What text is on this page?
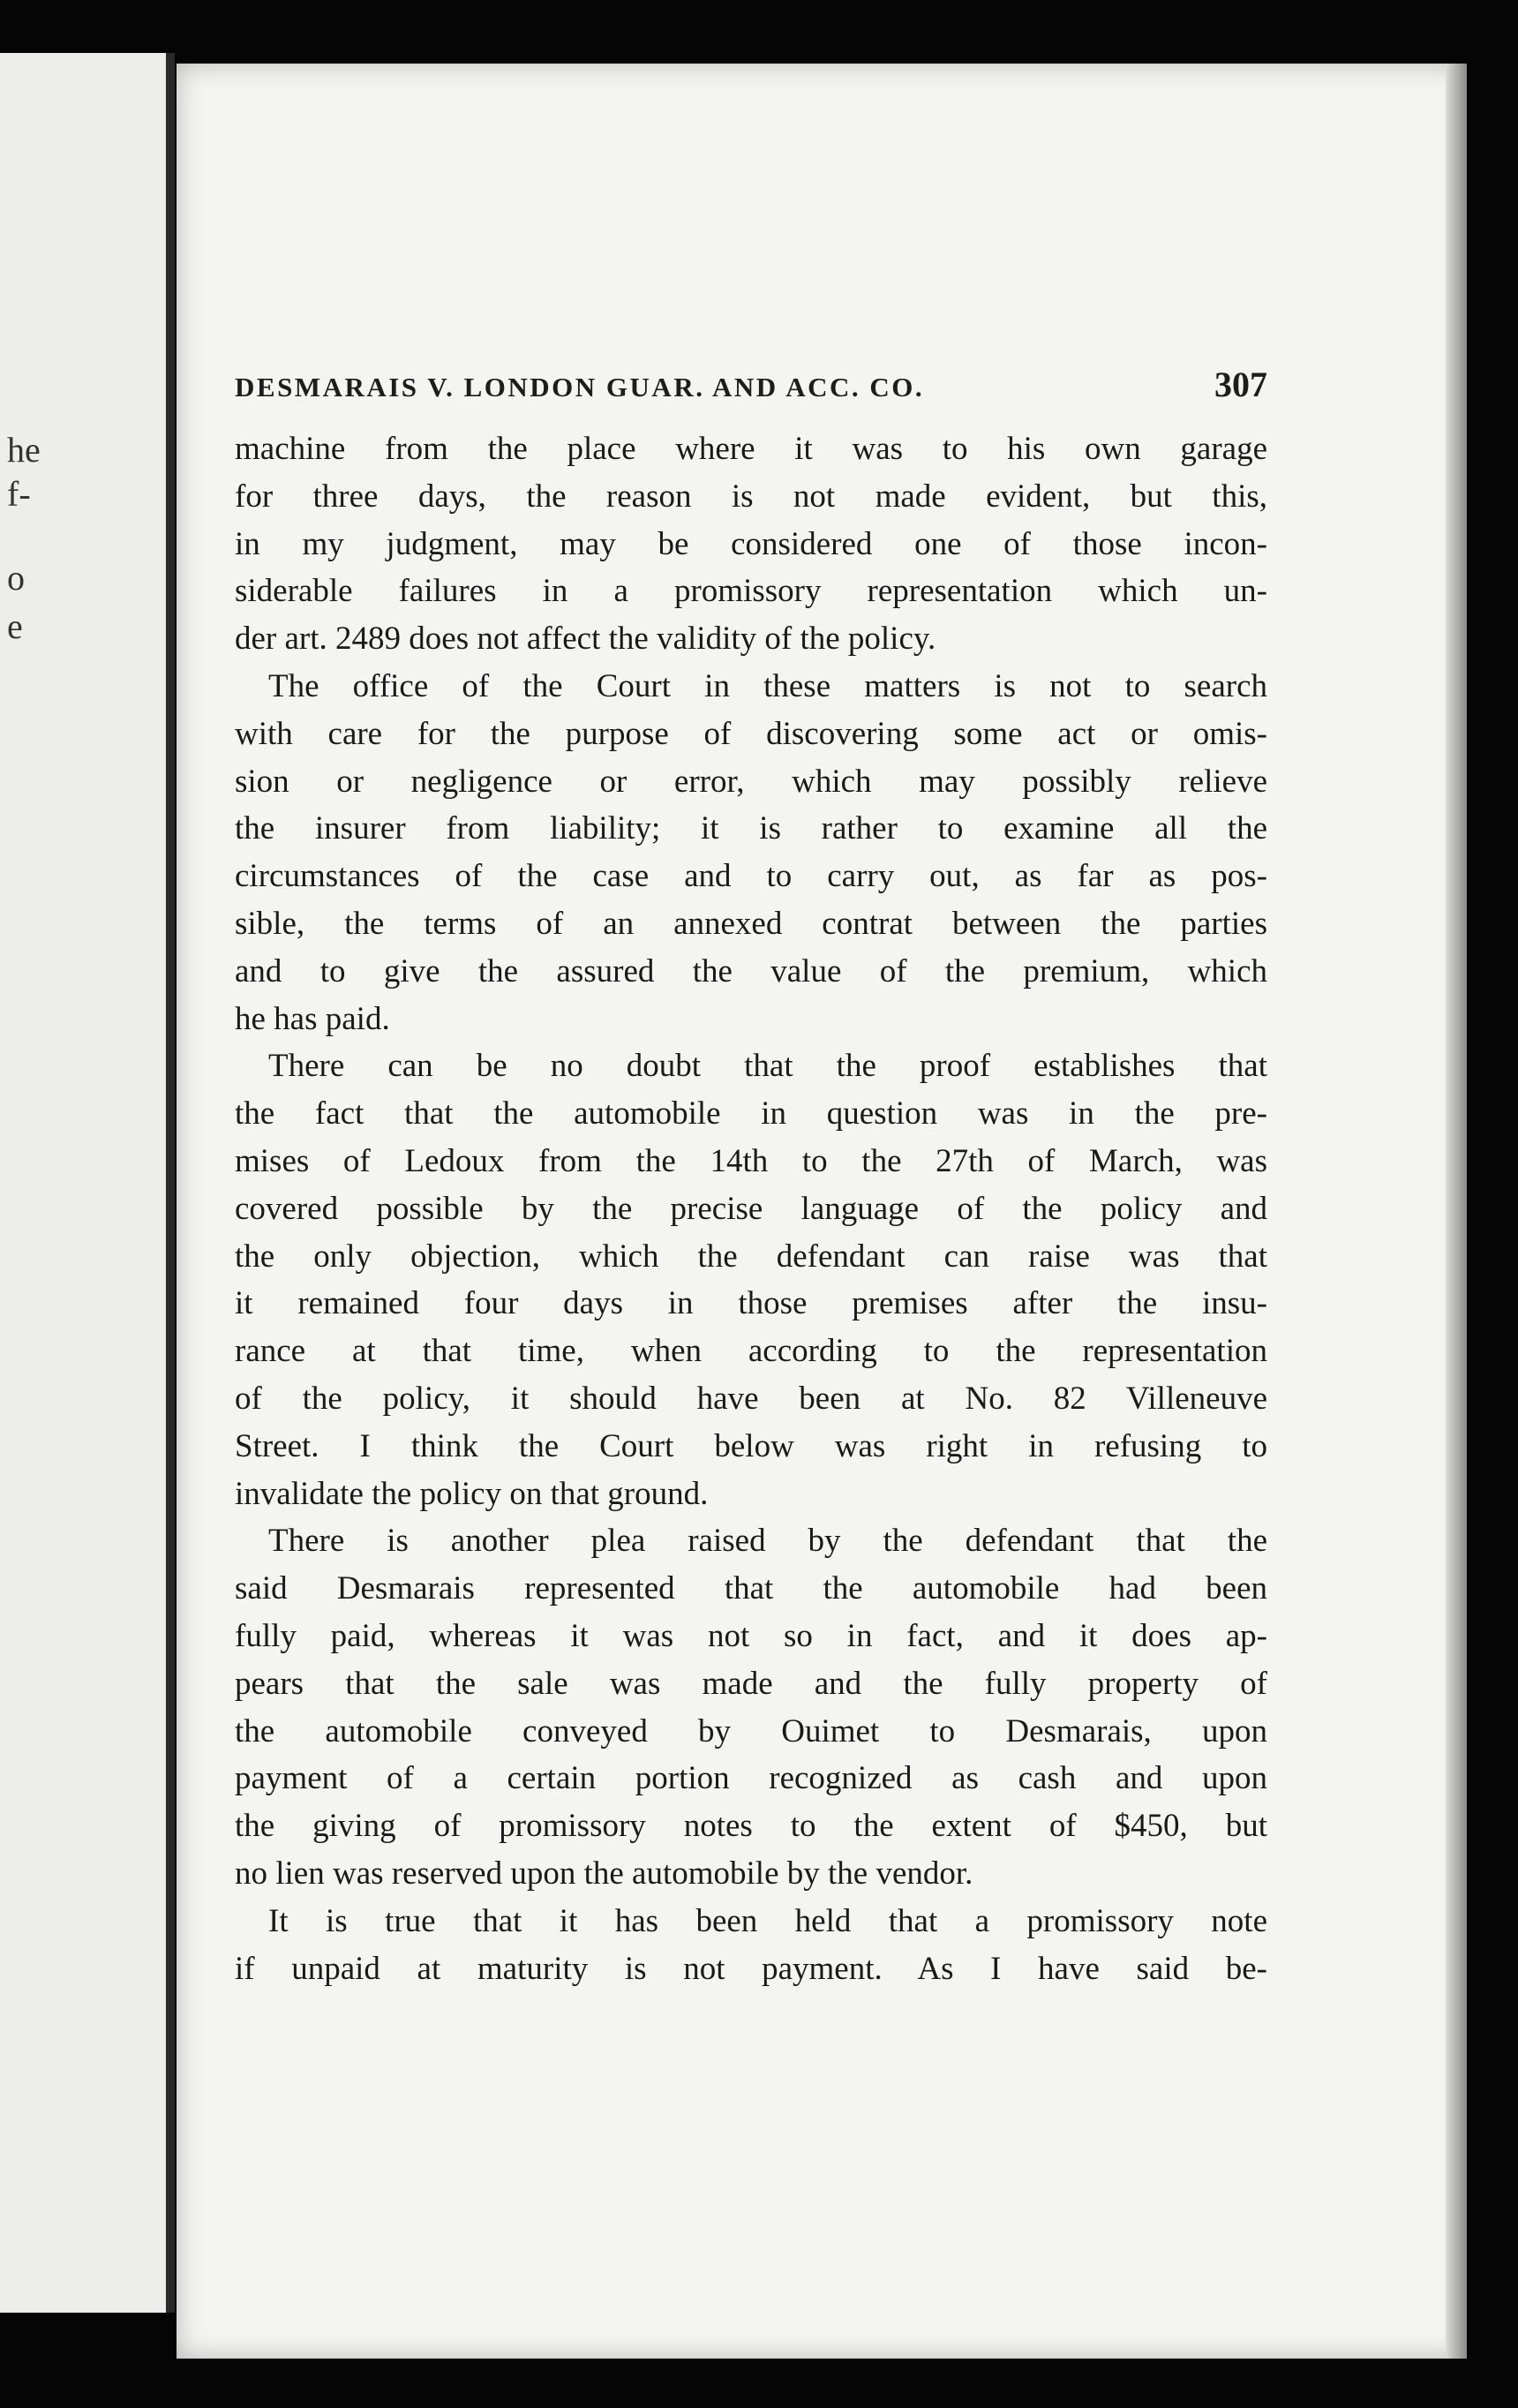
he
f-
o
e
DESMARAIS V. LONDON GUAR. AND ACC. CO.	307
machine from the place where it was to his own garage
for three days, the reason is not made evident, but this,
in my judgment, may be considered one of those incon-
siderable failures in a promissory representation which un-
der art. 2489 does not affect the validity of the policy.
The office of the Court in these matters is not to search
with care for the purpose of discovering some act or omis-
sion or negligence or error, which may possibly relieve
the insurer from liability; it is rather to examine all the
circumstances of the case and to carry out, as far as pos-
sible, the terms of an annexed contrat between the parties
and to give the assured the value of the premium, which
he has paid.
There can be no doubt that the proof establishes that
the fact that the automobile in question was in the pre-
mises of Ledoux from the 14th to the 27th of March, was
covered possible by the precise language of the policy and
the only objection, which the defendant can raise was that
it remained four days in those premises after the insu-
rance at that time, when according to the representation
of the policy, it should have been at No. 82 Villeneuve
Street. I think the Court below was right in refusing to
invalidate the policy on that ground.
There is another plea raised by the defendant that the
said Desmarais represented that the automobile had been
fully paid, whereas it was not so in fact, and it does ap-
pears that the sale was made and the fully property of
the automobile conveyed by Ouimet to Desmarais, upon
payment of a certain portion recognized as cash and upon
the giving of promissory notes to the extent of $450, but
no lien was reserved upon the automobile by the vendor.
It is true that it has been held that a promissory note
if unpaid at maturity is not payment. As I have said be-
